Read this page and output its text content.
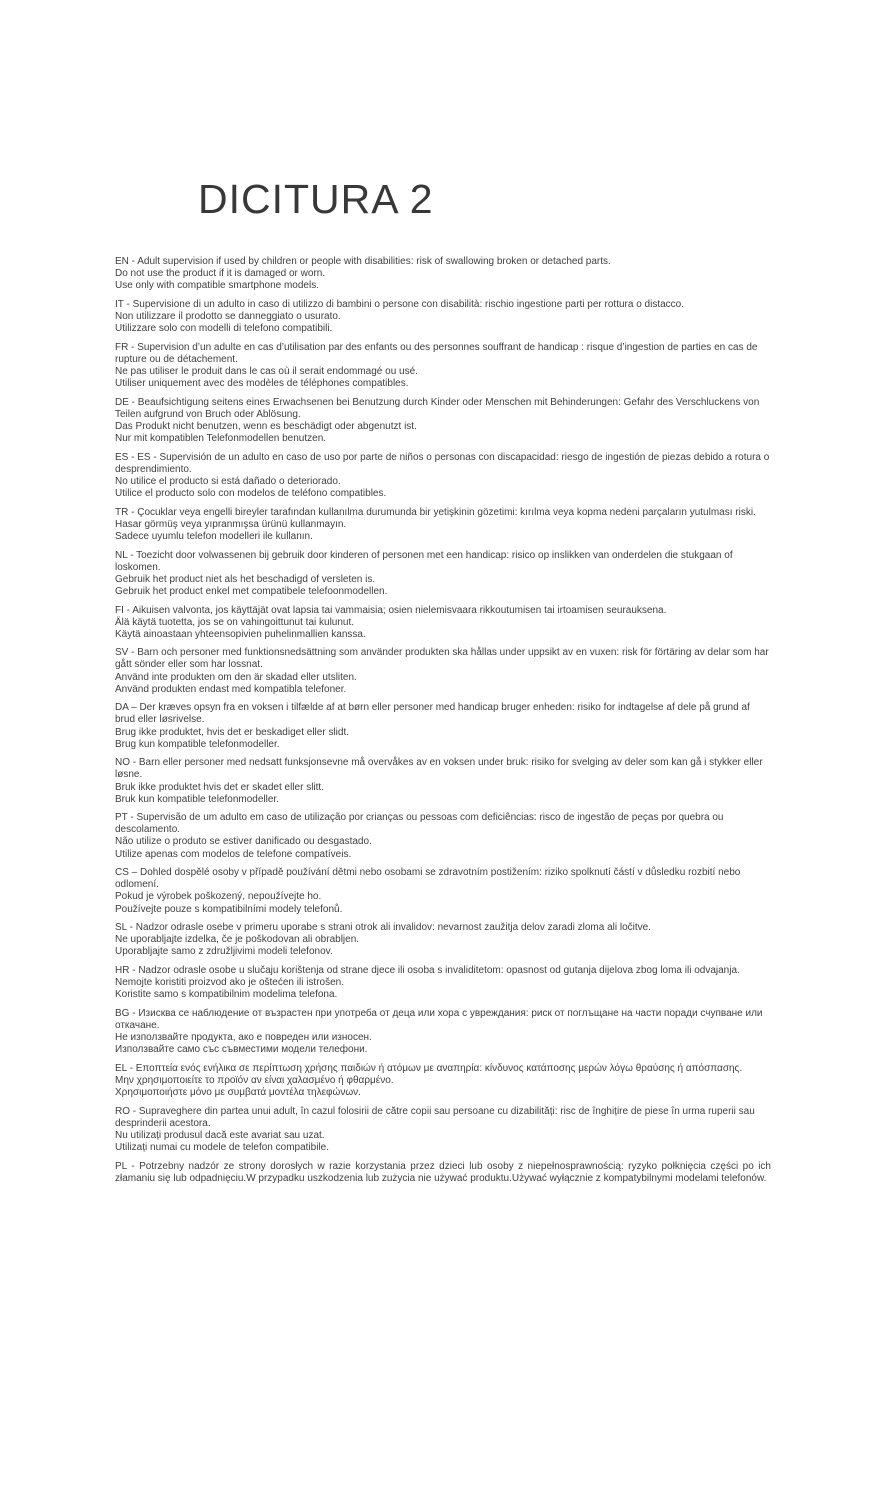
DICITURA 2
EN - Adult supervision if used by children or people with disabilities: risk of swallowing broken or detached parts.
Do not use the product if it is damaged or worn.
Use only with compatible smartphone models.
IT - Supervisione di un adulto in caso di utilizzo di bambini o persone con disabilità: rischio ingestione parti per rottura o distacco.
Non utilizzare il prodotto se danneggiato o usurato.
Utilizzare solo con modelli di telefono compatibili.
FR - Supervision d’un adulte en cas d’utilisation par des enfants ou des personnes souffrant de handicap : risque d’ingestion de parties en cas de rupture ou de détachement.
Ne pas utiliser le produit dans le cas où il serait endommagé ou usé.
Utiliser uniquement avec des modèles de téléphones compatibles.
DE - Beaufsichtigung seitens eines Erwachsenen bei Benutzung durch Kinder oder Menschen mit Behinderungen: Gefahr des Verschluckens von Teilen aufgrund von Bruch oder Ablösung.
Das Produkt nicht benutzen, wenn es beschädigt oder abgenutzt ist.
Nur mit kompatiblen Telefonmodellen benutzen.
ES - ES - Supervisión de un adulto en caso de uso por parte de niños o personas con discapacidad: riesgo de ingestión de piezas debido a rotura o desprendimiento.
No utilice el producto si está dañado o deteriorado.
Utilice el producto solo con modelos de teléfono compatibles.
TR - Çocuklar veya engelli bireyler tarafından kullanılma durumunda bir yetişkinin gözetimi: kırılma veya kopma nedeni parçaların yutulması riski.
Hasar görmüş veya yıpranmışsa ürünü kullanmayın.
Sadece uyumlu telefon modelleri ile kullanın.
NL - Toezicht door volwassenen bij gebruik door kinderen of personen met een handicap: risico op inslikken van onderdelen die stukgaan of loskomen.
Gebruik het product niet als het beschadigd of versleten is.
Gebruik het product enkel met compatibele telefoonmodellen.
FI - Aikuisen valvonta, jos käyttäjät ovat lapsia tai vammaisia; osien nielemisvaara rikkoutumisen tai irtoamisen seurauksena.
Älä käytä tuotetta, jos se on vahingoittunut tai kulunut.
Käytä ainoastaan yhteensopivien puhelinmallien kanssa.
SV - Barn och personer med funktionsnedsättning som använder produkten ska hållas under uppsikt av en vuxen: risk för förtäring av delar som har gått sönder eller som har lossnat.
Använd inte produkten om den är skadad eller utsliten.
Använd produkten endast med kompatibla telefoner.
DA – Der kræves opsyn fra en voksen i tilfælde af at børn eller personer med handicap bruger enheden: risiko for indtagelse af dele på grund af brud eller løsrivelse.
Brug ikke produktet, hvis det er beskadiget eller slidt.
Brug kun kompatible telefonmodeller.
NO - Barn eller personer med nedsatt funksjonsevne må overvåkes av en voksen under bruk: risiko for svelging av deler som kan gå i stykker eller løsne.
Bruk ikke produktet hvis det er skadet eller slitt.
Bruk kun kompatible telefonmodeller.
PT - Supervisão de um adulto em caso de utilização por crianças ou pessoas com deficiências: risco de ingestão de peças por quebra ou descolamento.
Não utilize o produto se estiver danificado ou desgastado.
Utilize apenas com modelos de telefone compatíveis.
CS – Dohled dospělé osoby v případě používání dětmi nebo osobami se zdravotním postižením: riziko spolknutí částí v důsledku rozbití nebo odlomení.
Pokud je výrobek poškozený, nepoužívejte ho.
Používejte pouze s kompatibilními modely telefonů.
SL - Nadzor odrasle osebe v primeru uporabe s strani otrok ali invalidov: nevarnost zaužitja delov zaradi zloma ali ločitve.
Ne uporabljajte izdelka, če je poškodovan ali obrabljen.
Uporabljajte samo z združljivimi modeli telefonov.
HR - Nadzor odrasle osobe u slučaju korištenja od strane djece ili osoba s invaliditetom: opasnost od gutanja dijelova zbog loma ili odvajanja.
Nemojte koristiti proizvod ako je oštećen ili istrošen.
Koristite samo s kompatibilnim modelima telefona.
BG - Изисква се наблюдение от възрастен при употреба от деца или хора с увреждания: риск от поглъщане на части поради счупване или откачане.
Не използвайте продукта, ако е повреден или износен.
Използвайте само със съвместими модели телефони.
EL - Εποπτεία ενός ενήλικα σε περίπτωση χρήσης παιδιών ή ατόμων με αναπηρία: κίνδυνος κατάποσης μερών λόγω θραύσης ή απόσπασης.
Μην χρησιμοποιείτε το προϊόν αν είναι χαλασμένο ή φθαρμένο.
Χρησιμοποιήστε μόνο με συμβατά μοντέλα τηλεφώνων.
RO - Supraveghere din partea unui adult, în cazul folosirii de către copii sau persoane cu dizabilități: risc de înghițire de piese în urma ruperii sau desprinderii acestora.
Nu utilizați produsul dacă este avariat sau uzat.
Utilizați numai cu modele de telefon compatibile.
PL - Potrzebny nadzór ze strony dorosłych w razie korzystania przez dzieci lub osoby z niepełnosprawnością: ryzyko połknięcia części po ich złamaniu się lub odpadnięciu.W przypadku uszkodzenia lub zużycia nie używać produktu.Używać wyłącznie z kompatybilnymi modelami telefonów.
